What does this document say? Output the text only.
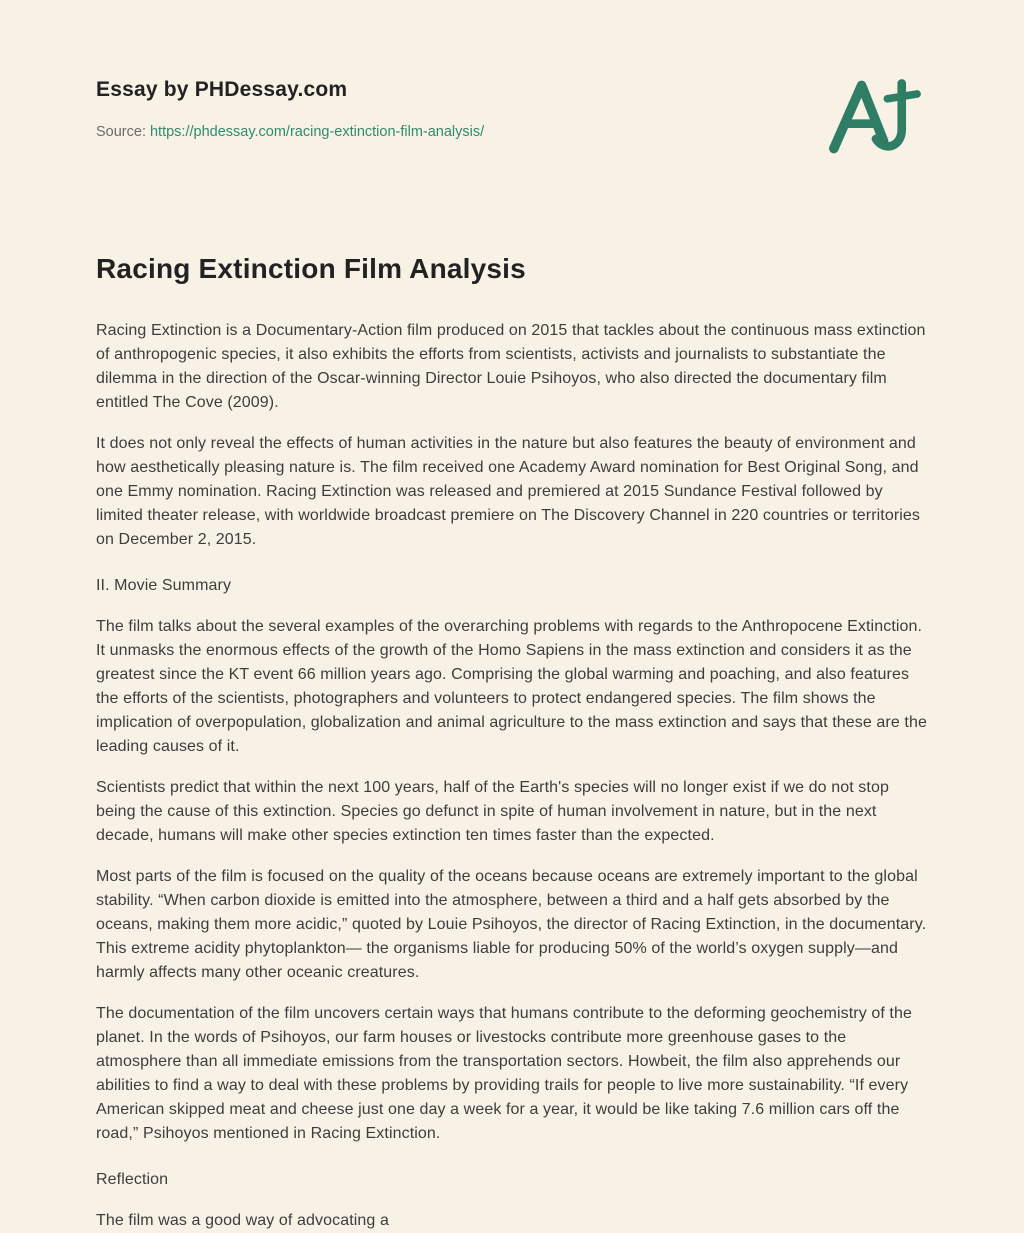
Essay by PHDessay.com
Source: https://phdessay.com/racing-extinction-film-analysis/
Racing Extinction Film Analysis

Racing Extinction is a Documentary-Action film produced on 2015 that tackles about the continuous mass extinction of anthropogenic species, it also exhibits the efforts from scientists, activists and journalists to substantiate the dilemma in the direction of the Oscar-winning Director Louie Psihoyos, who also directed the documentary film entitled The Cove (2009).

It does not only reveal the effects of human activities in the nature but also features the beauty of environment and how aesthetically pleasing nature is. The film received one Academy Award nomination for Best Original Song, and one Emmy nomination. Racing Extinction was released and premiered at 2015 Sundance Festival followed by limited theater release, with worldwide broadcast premiere on The Discovery Channel in 220 countries or territories on December 2, 2015.

II. Movie Summary

The film talks about the several examples of the overarching problems with regards to the Anthropocene Extinction. It unmasks the enormous effects of the growth of the Homo Sapiens in the mass extinction and considers it as the greatest since the KT event 66 million years ago. Comprising the global warming and poaching, and also features the efforts of the scientists, photographers and volunteers to protect endangered species. The film shows the implication of overpopulation, globalization and animal agriculture to the mass extinction and says that these are the leading causes of it.

Scientists predict that within the next 100 years, half of the Earth's species will no longer exist if we do not stop being the cause of this extinction. Species go defunct in spite of human involvement in nature, but in the next decade, humans will make other species extinction ten times faster than the expected.

Most parts of the film is focused on the quality of the oceans because oceans are extremely important to the global stability. “When carbon dioxide is emitted into the atmosphere, between a third and a half gets absorbed by the oceans, making them more acidic,” quoted by Louie Psihoyos, the director of Racing Extinction, in the documentary. This extreme acidity phytoplankton— the organisms liable for producing 50% of the world’s oxygen supply—and harmly affects many other oceanic creatures.

The documentation of the film uncovers certain ways that humans contribute to the deforming geochemistry of the planet. In the words of Psihoyos, our farm houses or livestocks contribute more greenhouse gases to the atmosphere than all immediate emissions from the transportation sectors. Howbeit, the film also apprehends our abilities to find a way to deal with these problems by providing trails for people to live more sustainability. “If every American skipped meat and cheese just one day a week for a year, it would be like taking 7.6 million cars off the road,” Psihoyos mentioned in Racing Extinction.

Reflection

The film was a good way of advocating a
